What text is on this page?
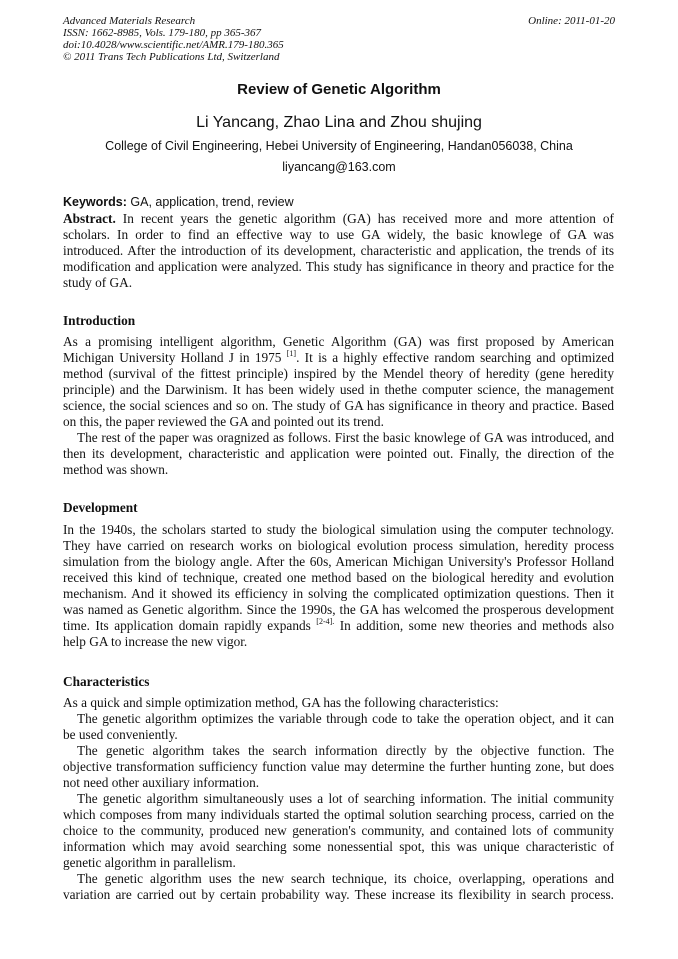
Advanced Materials Research
ISSN: 1662-8985, Vols. 179-180, pp 365-367
doi:10.4028/www.scientific.net/AMR.179-180.365
© 2011 Trans Tech Publications Ltd, Switzerland
Online: 2011-01-20
Review of Genetic Algorithm
Li Yancang, Zhao Lina and Zhou shujing
College of Civil Engineering, Hebei University of Engineering, Handan056038, China
liyancang@163.com
Keywords: GA, application, trend, review
Abstract. In recent years the genetic algorithm (GA) has received more and more attention of
scholars. In order to find an effective way to use GA widely, the basic knowlege of GA was
introduced. After the introduction of its development, characteristic and application, the trends of its
modification and application were analyzed. This study has significance in theory and practice for the
study of GA.
Introduction
As a promising intelligent algorithm, Genetic Algorithm (GA) was first proposed by American
Michigan University Holland J in 1975 [1]. It is a highly effective random searching and optimized
method (survival of the fittest principle) inspired by the Mendel theory of heredity (gene heredity
principle) and the Darwinism. It has been widely used in thethe computer science, the management
science, the social sciences and so on. The study of GA has significance in theory and practice. Based
on this, the paper reviewed the GA and pointed out its trend.
The rest of the paper was oragnized as follows. First the basic knowlege of GA was introduced, and
then its development, characteristic and application were pointed out. Finally, the direction of the
method was shown.
Development
In the 1940s, the scholars started to study the biological simulation using the computer technology.
They have carried on research works on biological evolution process simulation, heredity process
simulation from the biology angle. After the 60s, American Michigan University's Professor Holland
received this kind of technique, created one method based on the biological heredity and evolution
mechanism. And it showed its efficiency in solving the complicated optimization questions. Then it
was named as Genetic algorithm. Since the 1990s, the GA has welcomed the prosperous development
time. Its application domain rapidly expands $^{[2-4].}$ In addition, some new theories and methods also
help GA to increase the new vigor.
Characteristics
As a quick and simple optimization method, GA has the following characteristics:
The genetic algorithm optimizes the variable through code to take the operation object, and it can
be used conveniently.
The genetic algorithm takes the search information directly by the objective function. The
objective transformation sufficiency function value may determine the further hunting zone, but does
not need other auxiliary information.
The genetic algorithm simultaneously uses a lot of searching information. The initial community
which composes from many individuals started the optimal solution searching process, carried on the
choice to the community, produced new generation's community, and contained lots of community
information which may avoid searching some nonessential spot, this was unique characteristic of
genetic algorithm in parallelism.
The genetic algorithm uses the new search technique, its choice, overlapping, operations and
variation are carried out by certain probability way. These increase its flexibility in search process.
